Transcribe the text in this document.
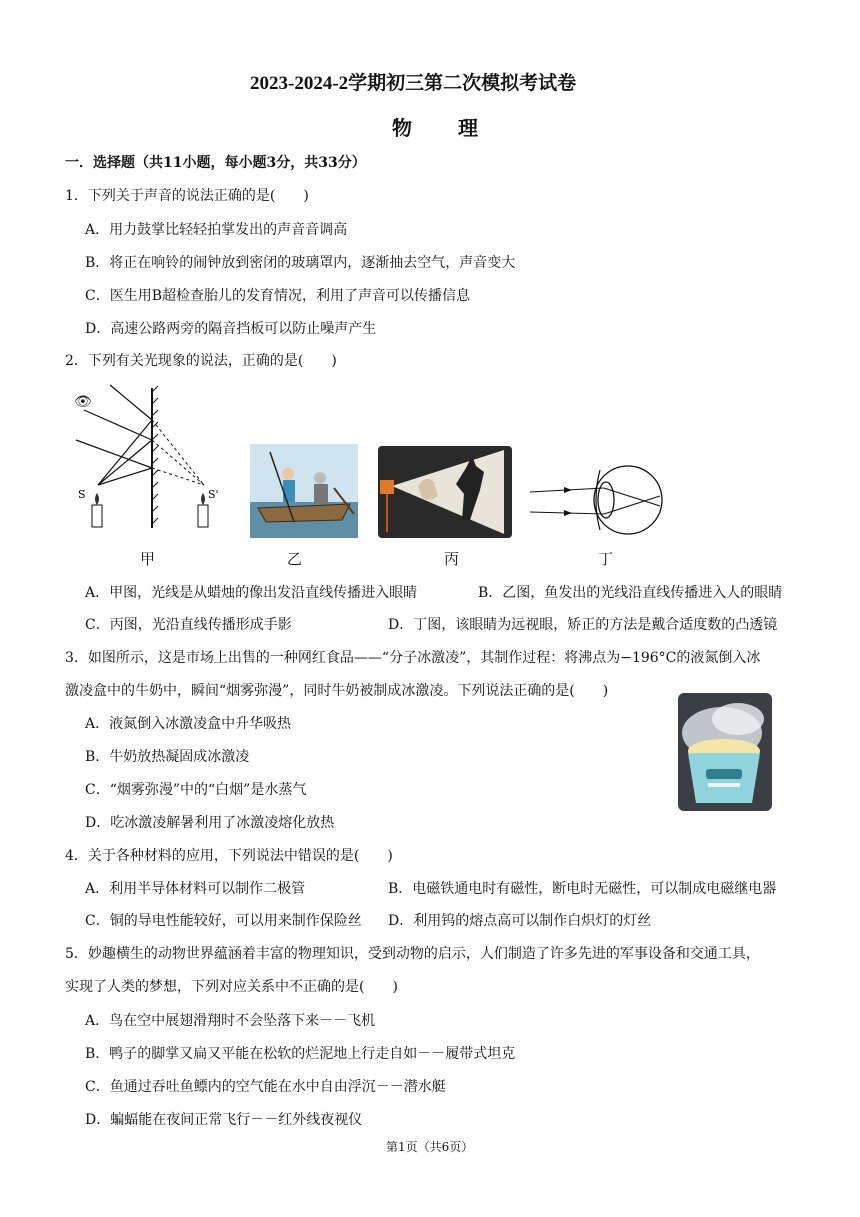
2023-2024-2学期初三第二次模拟考试卷
物　　理
一．选择题（共11小题，每小题3分，共33分）
1．下列关于声音的说法正确的是(　　)
A．用力鼓掌比轻轻拍掌发出的声音音调高
B．将正在响铃的闹钟放到密闭的玻璃罩内，逐渐抽去空气，声音变大
C．医生用B超检查胎儿的发育情况，利用了声音可以传播信息
D．高速公路两旁的隔音挡板可以防止噪声产生
2．下列有关光现象的说法，正确的是(　　)
👁
S	S'
甲	乙	丙	丁
A．甲图，光线是从蜡烛的像出发沿直线传播进入眼睛	B．乙图，鱼发出的光线沿直线传播进入人的眼睛
C．丙图，光沿直线传播形成手影	D．丁图，该眼睛为远视眼，矫正的方法是戴合适度数的凸透镜
3．如图所示，这是市场上出售的一种网红食品——“分子冰激凌”，其制作过程：将沸点为−196°C的液氮倒入冰
激凌盒中的牛奶中，瞬间“烟雾弥漫”，同时牛奶被制成冰激凌。下列说法正确的是(　　)
A．液氮倒入冰激凌盒中升华吸热
B．牛奶放热凝固成冰激凌
C．“烟雾弥漫”中的“白烟”是水蒸气
D．吃冰激凌解暑利用了冰激凌熔化放热
4．关于各种材料的应用，下列说法中错误的是(　　)
A．利用半导体材料可以制作二极管	B．电磁铁通电时有磁性，断电时无磁性，可以制成电磁继电器
C．铜的导电性能较好，可以用来制作保险丝 D．利用钨的熔点高可以制作白炽灯的灯丝
5．妙趣横生的动物世界蕴涵着丰富的物理知识，受到动物的启示，人们制造了许多先进的军事设备和交通工具，
实现了人类的梦想，下列对应关系中不正确的是(　　)
A．鸟在空中展翅滑翔时不会坠落下来－－飞机
B．鸭子的脚掌又扁又平能在松软的烂泥地上行走自如－－履带式坦克
C．鱼通过吞吐鱼鳔内的空气能在水中自由浮沉－－潜水艇
D．蝙蝠能在夜间正常飞行－－红外线夜视仪
第1页（共6页）
